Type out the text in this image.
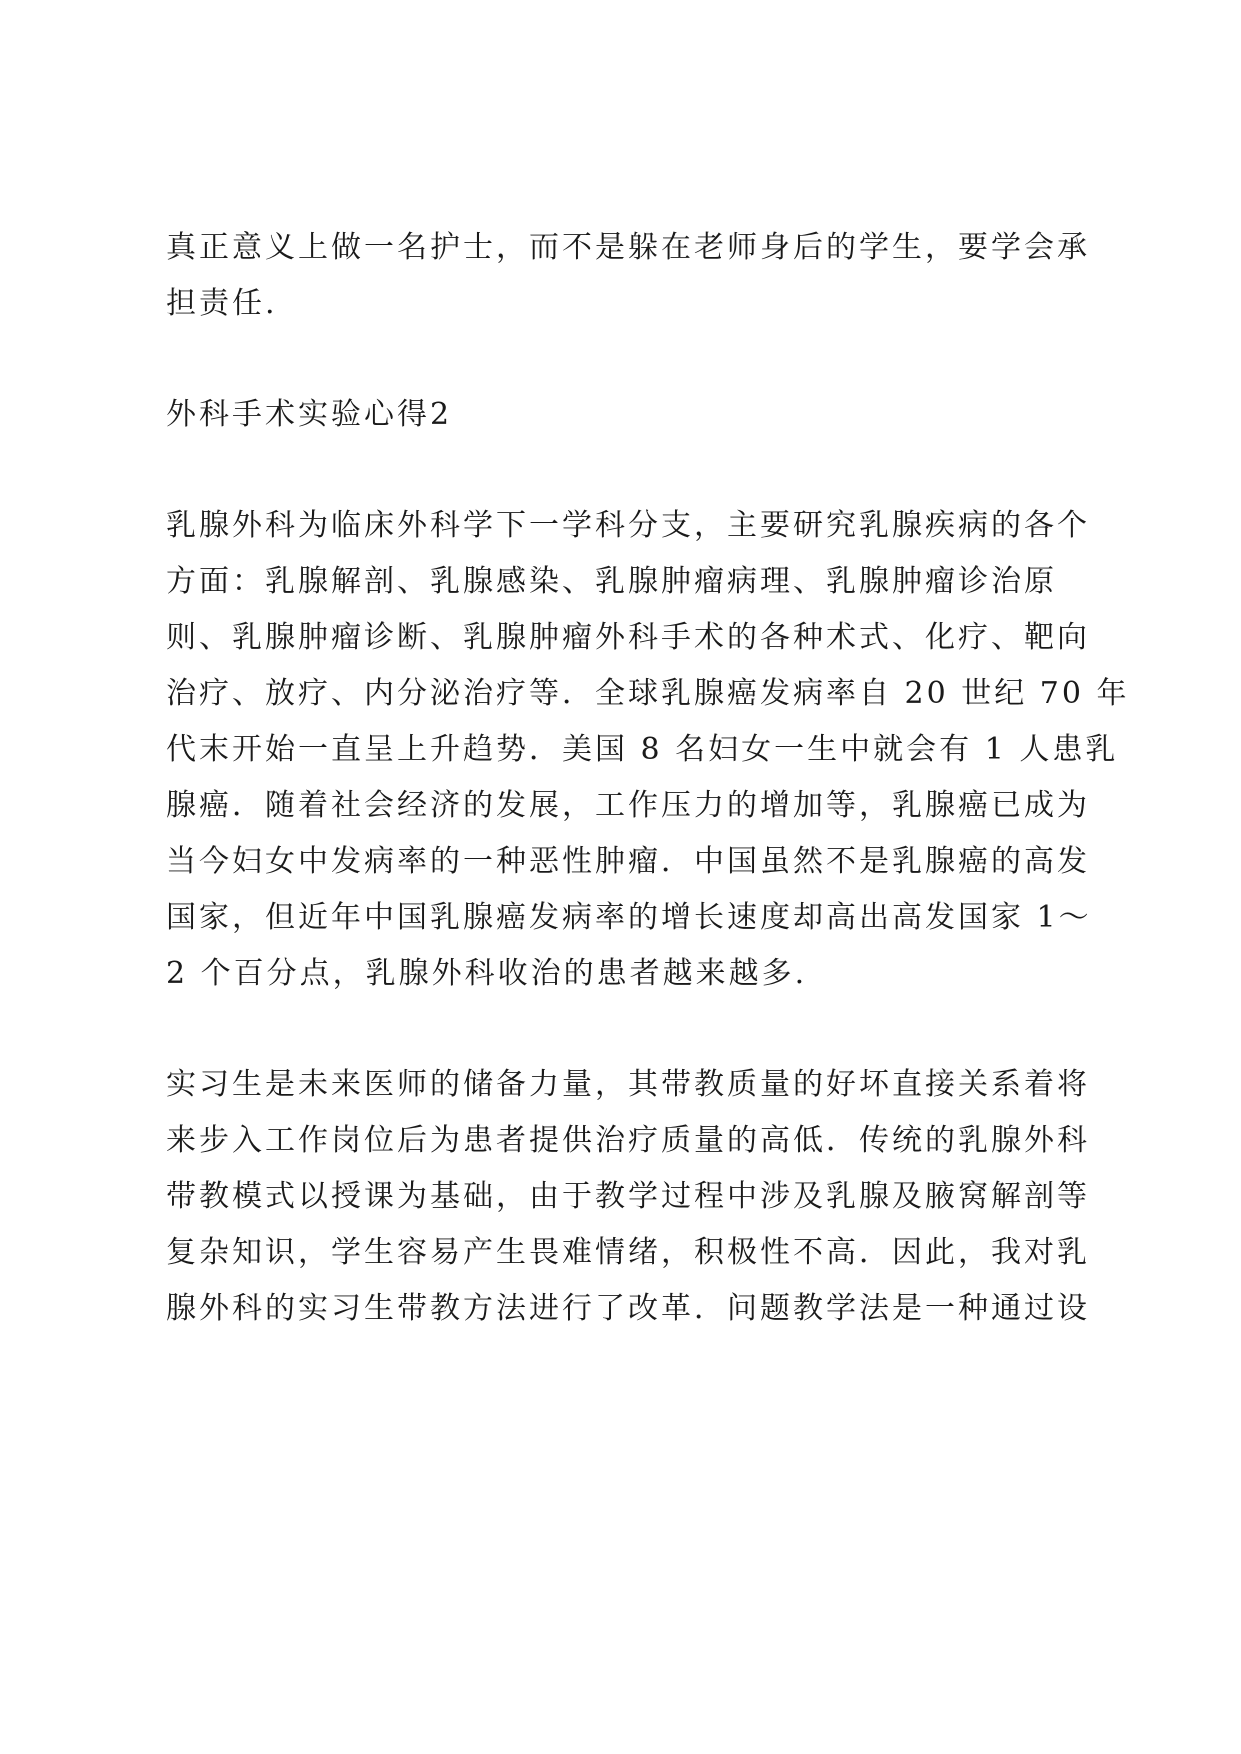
真正意义上做一名护士，而不是躲在老师身后的学生，要学会承
担责任.
外科手术实验心得2
乳腺外科为临床外科学下一学科分支，主要研究乳腺疾病的各个
方面：乳腺解剖、乳腺感染、乳腺肿瘤病理、乳腺肿瘤诊治原
则、乳腺肿瘤诊断、乳腺肿瘤外科手术的各种术式、化疗、靶向
治疗、放疗、内分泌治疗等．全球乳腺癌发病率自 20 世纪 70 年
代末开始一直呈上升趋势．美国 8 名妇女一生中就会有 1 人患乳
腺癌．随着社会经济的发展，工作压力的增加等，乳腺癌已成为
当今妇女中发病率的一种恶性肿瘤．中国虽然不是乳腺癌的高发
国家，但近年中国乳腺癌发病率的增长速度却高出高发国家 1～
2 个百分点，乳腺外科收治的患者越来越多.
实习生是未来医师的储备力量，其带教质量的好坏直接关系着将
来步入工作岗位后为患者提供治疗质量的高低．传统的乳腺外科
带教模式以授课为基础，由于教学过程中涉及乳腺及腋窝解剖等
复杂知识，学生容易产生畏难情绪，积极性不高．因此，我对乳
腺外科的实习生带教方法进行了改革．问题教学法是一种通过设
